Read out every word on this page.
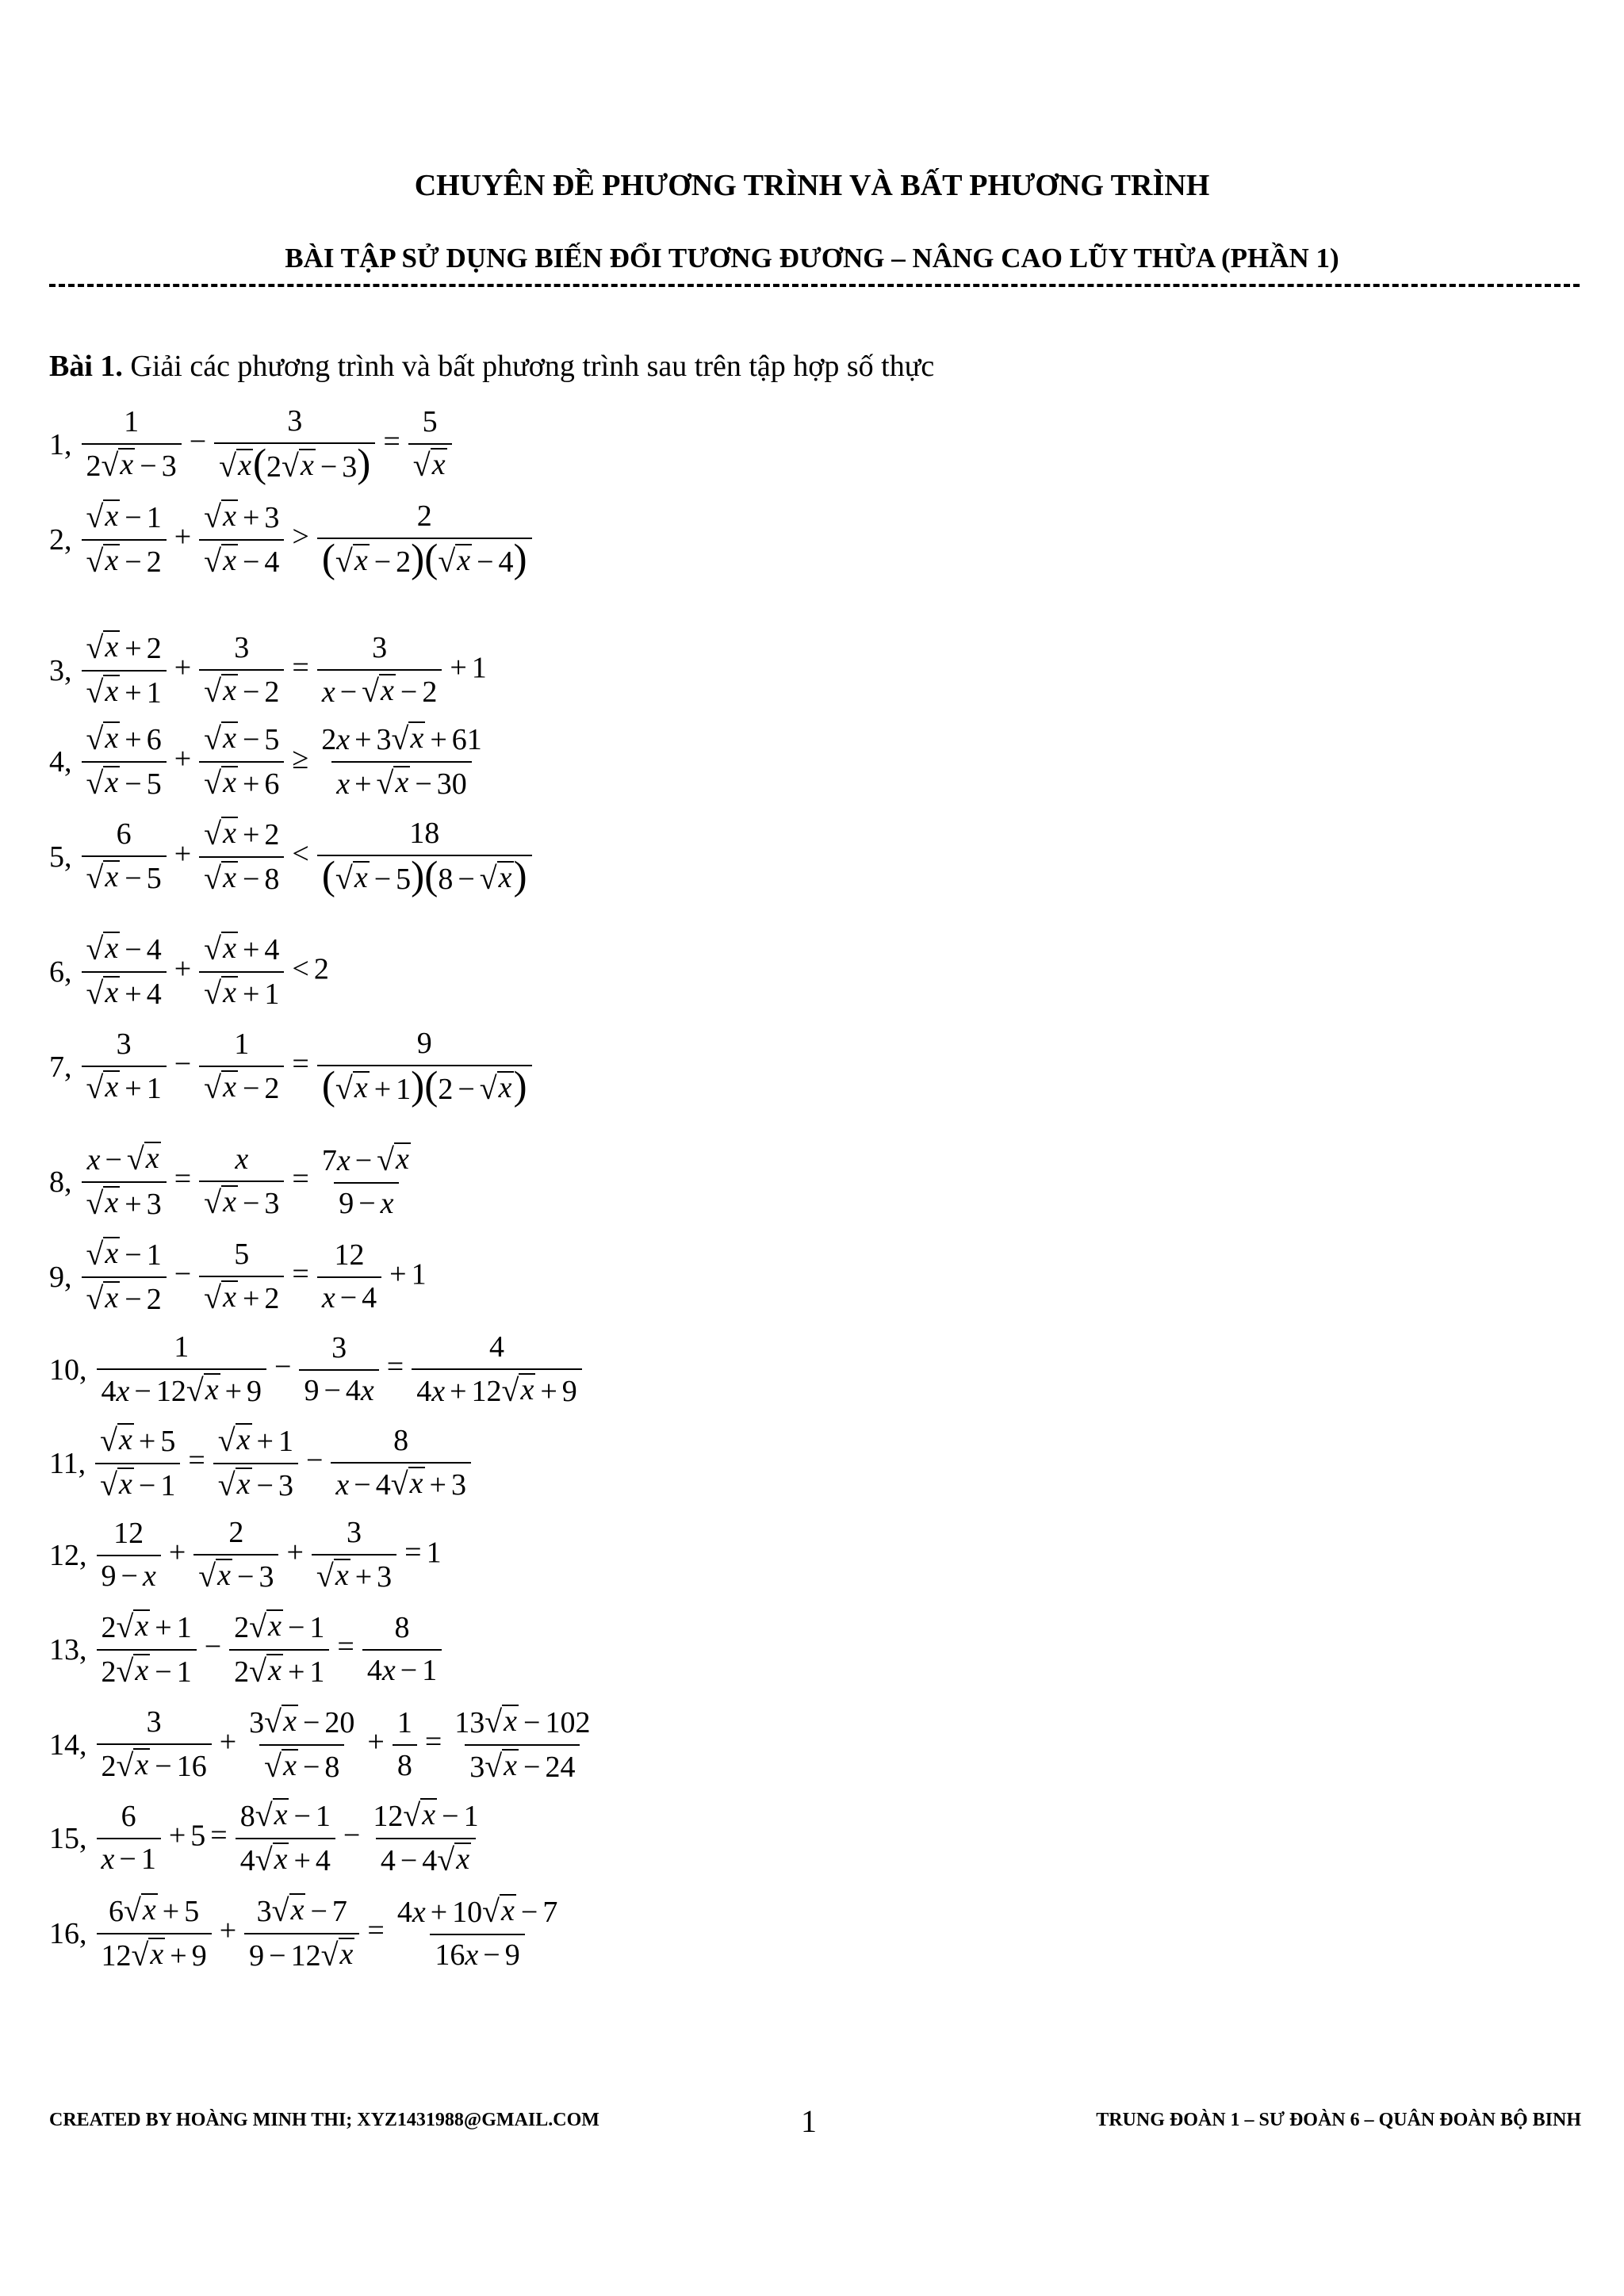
CHUYÊN ĐỀ PHƯƠNG TRÌNH VÀ BẤT PHƯƠNG TRÌNH
BÀI TẬP SỬ DỤNG BIẾN ĐỔI TƯƠNG ĐƯƠNG – NÂNG CAO LŨY THỪA (PHẦN 1)
Bài 1. Giải các phương trình và bất phương trình sau trên tập hợp số thực
1, $\frac{1}{2 √ x - 3} - \frac{3}{√ x (2 √ x - 3)} = \frac{5}{√ x}$
2, $\frac{√ x - 1}{√ x - 2} + \frac{√ x + 3}{√ x - 4} > \frac{2}{( √ x - 2)( √ x - 4)}$
3, $\frac{√ x + 2}{√ x + 1} + \frac{3}{√ x - 2} = \frac{3}{x - √ x - 2} + 1$
4, $\frac{√ x + 6}{√ x - 5} + \frac{√ x - 5}{√ x + 6} \ge \frac{2x + 3 √ x + 61}{x + √ x - 30}$
5, $\frac{6}{√ x - 5} + \frac{√ x + 2}{√ x - 8} < \frac{18}{( √ x - 5)(8 - √ x )}$
6, $\frac{√ x - 4}{√ x + 4} + \frac{√ x + 4}{√ x + 1} < 2$
7, $\frac{3}{√ x + 1} - \frac{1}{√ x - 2} = \frac{9}{( √ x + 1)(2 - √ x )}$
8, $\frac{x - √ x}{√ x + 3} = \frac{x}{√ x - 3} = \frac{7x - √ x}{9 - x}$
9, $\frac{√ x - 1}{√ x - 2} - \frac{5}{√ x + 2} = \frac{12}{x - 4} + 1$
10, $\frac{1}{4x - 12 √ x + 9} - \frac{3}{9 - 4x} = \frac{4}{4x + 12 √ x + 9}$
11, $\frac{√ x + 5}{√ x - 1} = \frac{√ x + 1}{√ x - 3} - \frac{8}{x - 4 √ x + 3}$
12, $\frac{12}{9 - x} + \frac{2}{√ x - 3} + \frac{3}{√ x + 3} = 1$
13, $\frac{2 √ x + 1}{2 √ x - 1} - \frac{2 √ x - 1}{2 √ x + 1} = \frac{8}{4x - 1}$
14, $\frac{3}{2 √ x - 16} + \frac{3 √ x - 20}{√ x - 8} + \frac{1}{8} = \frac{13 √ x - 102}{3 √ x - 24}$
15, $\frac{6}{x - 1} + 5 = \frac{8 √ x - 1}{4 √ x + 4} - \frac{12 √ x - 1}{4 - 4 √ x}$
16, $\frac{6 √ x + 5}{12 √ x + 9} + \frac{3 √ x - 7}{9 - 12 √ x} = \frac{4x + 10 √ x - 7}{16x - 9}$
CREATED BY HOÀNG MINH THI; XYZ1431988@GMAIL.COM	1	TRUNG ĐOÀN 1 – SƯ ĐOÀN 6 – QUÂN ĐOÀN BỘ BINH
